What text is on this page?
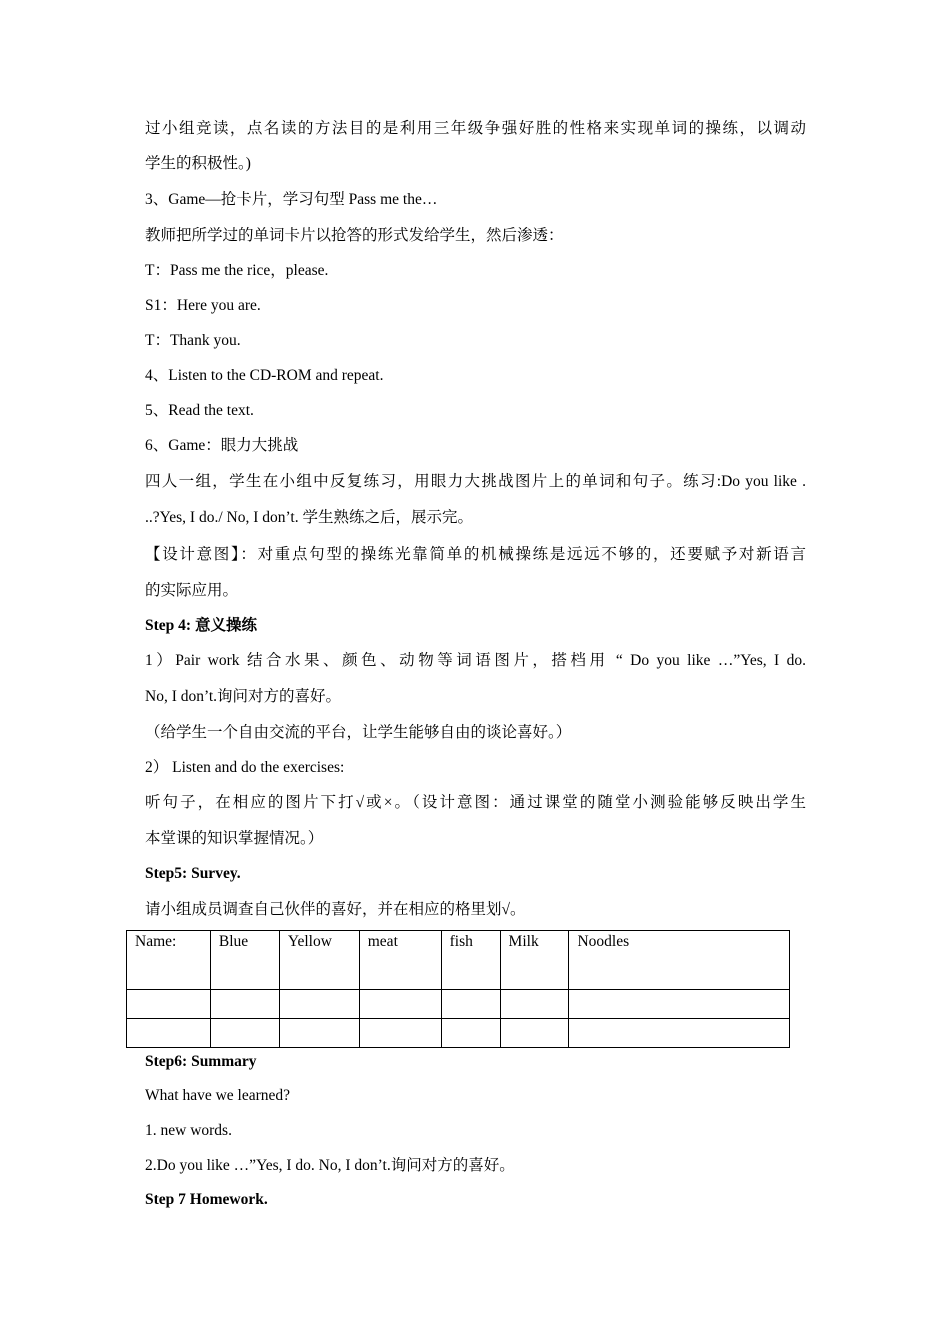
过小组竞读，点名读的方法目的是利用三年级争强好胜的性格来实现单词的操练，以调动
学生的积极性。)
3、Game—抢卡片，学习句型 Pass me the…
教师把所学过的单词卡片以抢答的形式发给学生，然后渗透：
T：Pass me the rice，please.
S1：Here you are.
T：Thank you.
4、Listen to the CD-ROM and repeat.
5、Read the text.
6、Game：眼力大挑战
四人一组，学生在小组中反复练习，用眼力大挑战图片上的单词和句子。练习:Do you like .
..?Yes, I do./ No, I don’t. 学生熟练之后，展示完。
【设计意图】：对重点句型的操练光靠简单的机械操练是远远不够的，还要赋予对新语言
的实际应用。
Step 4: 意义操练
1）Pair work 结合水果、颜色、动物等词语图片，搭档用 “ Do you like …”Yes, I do.
No, I don’t.询问对方的喜好。
（给学生一个自由交流的平台，让学生能够自由的谈论喜好。）
2） Listen and do the exercises:
听句子，在相应的图片下打√或×。（设计意图：通过课堂的随堂小测验能够反映出学生
本堂课的知识掌握情况。）
Step5: Survey.
请小组成员调查自己伙伴的喜好，并在相应的格里划√。
Name:	Blue	Yellow	meat	fish	Milk	Noodles

Step6: Summary
What have we learned?
1. new words.
2.Do you like …”Yes, I do. No, I don’t.询问对方的喜好。
Step 7 Homework.
